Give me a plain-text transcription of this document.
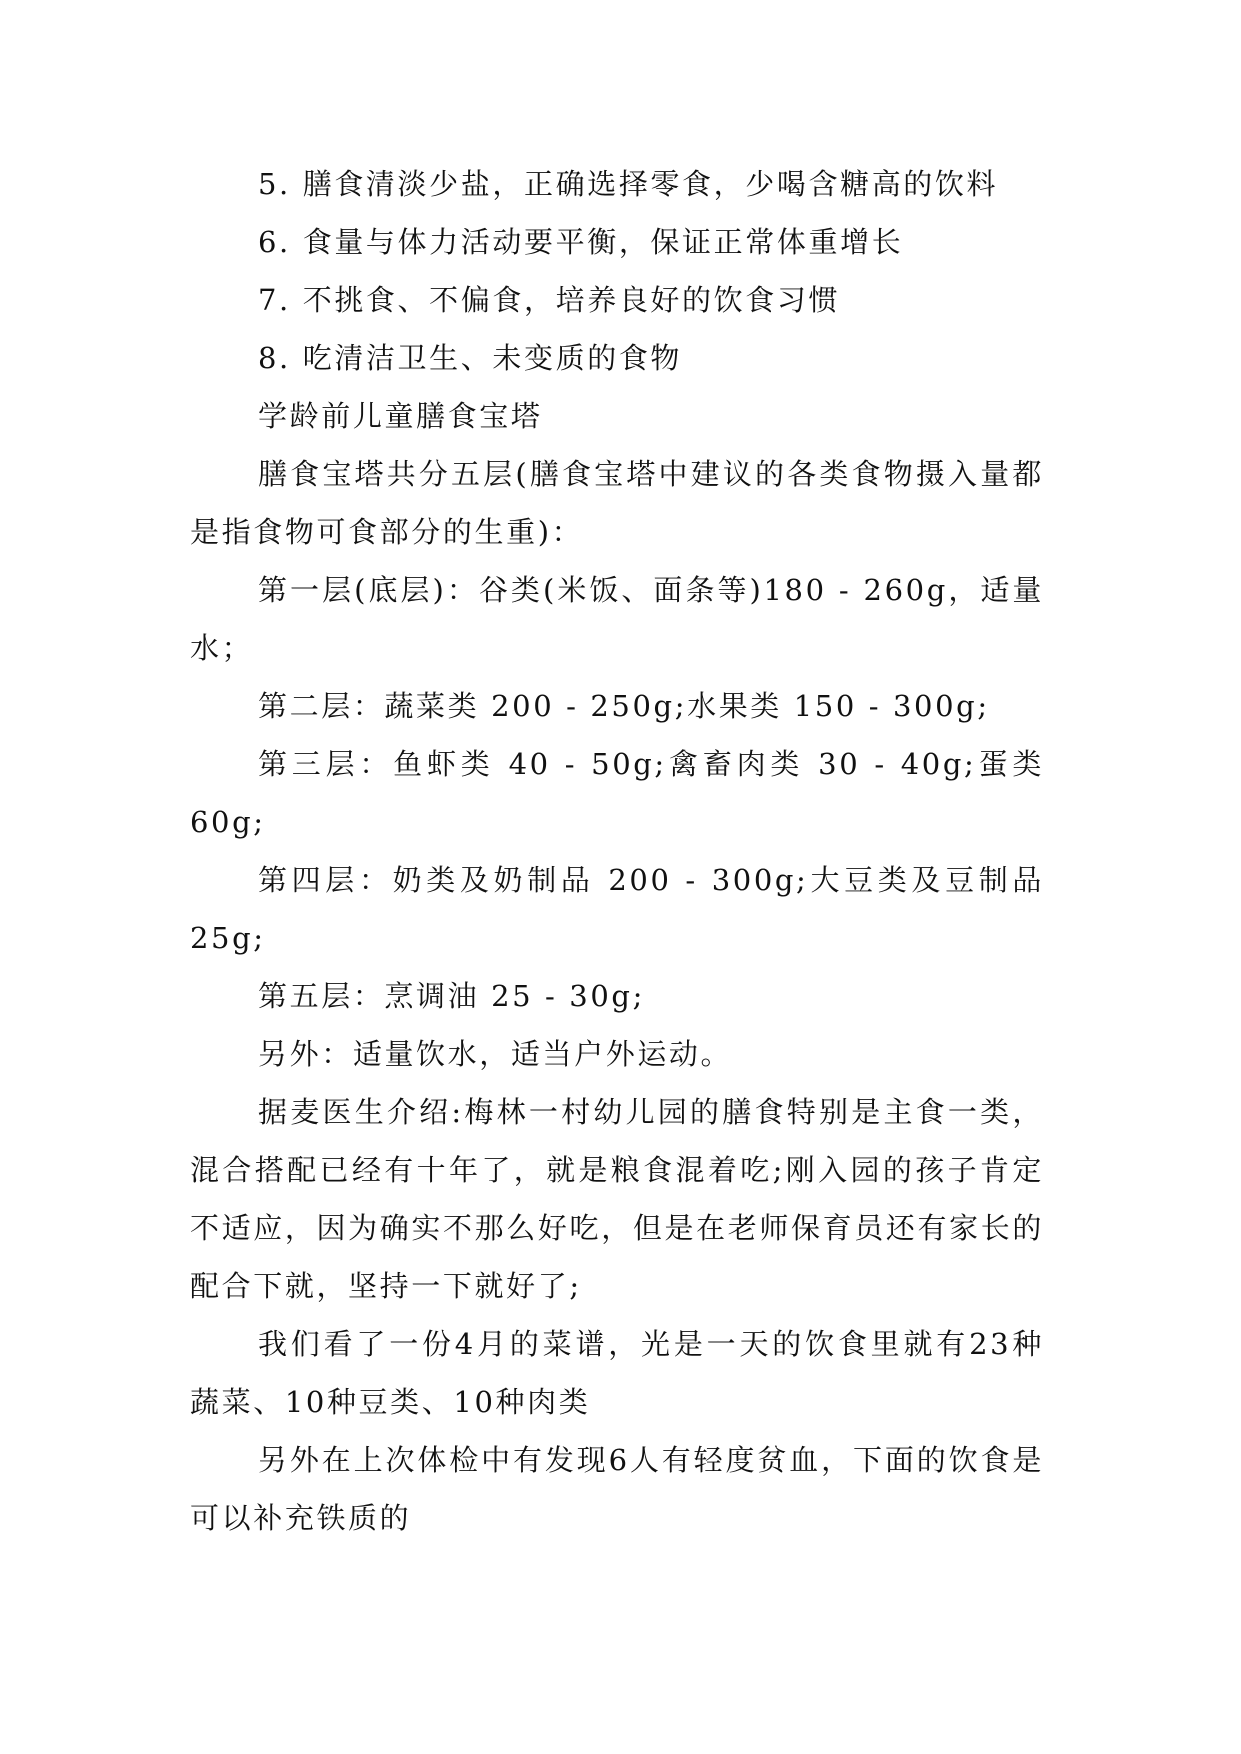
5. 膳食清淡少盐，正确选择零食，少喝含糖高的饮料

6. 食量与体力活动要平衡，保证正常体重增长

7. 不挑食、不偏食，培养良好的饮食习惯

8. 吃清洁卫生、未变质的食物

学龄前儿童膳食宝塔

膳食宝塔共分五层(膳食宝塔中建议的各类食物摄入量都是指食物可食部分的生重)：

第一层(底层)：谷类(米饭、面条等)180 - 260g，适量水；

第二层：蔬菜类 200 - 250g;水果类 150 - 300g;

第三层：鱼虾类 40 - 50g;禽畜肉类 30 - 40g;蛋类60g;

第四层：奶类及奶制品 200 - 300g;大豆类及豆制品25g;

第五层：烹调油 25 - 30g;

另外：适量饮水，适当户外运动。

据麦医生介绍:梅林一村幼儿园的膳食特别是主食一类，混合搭配已经有十年了，就是粮食混着吃;刚入园的孩子肯定不适应，因为确实不那么好吃，但是在老师保育员还有家长的配合下就，坚持一下就好了;

我们看了一份4月的菜谱，光是一天的饮食里就有23种蔬菜、10种豆类、10种肉类

另外在上次体检中有发现6人有轻度贫血，下面的饮食是可以补充铁质的
